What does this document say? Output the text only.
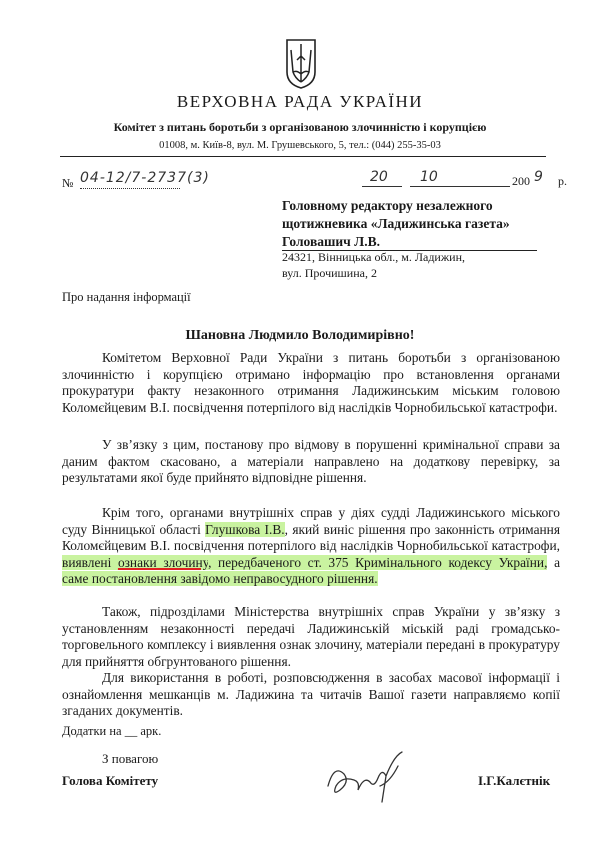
ВЕРХОВНА РАДА УКРАЇНИ
Комітет з питань боротьби з організованою злочинністю і корупцією
01008, м. Київ-8, вул. М. Грушевського, 5, тел.: (044) 255-35-03
№ 04-12/7-2737(3)	20 10	200 9 р.
Головному редактору незалежного
щотижневика «Ладижинська газета»
Головашич Л.В.
24321, Вінницька обл., м. Ладижин,
вул. Прочишина, 2
Про надання інформації
Шановна Людмило Володимирівно!
Комітетом Верховної Ради України з питань боротьби з організованою злочинністю і корупцією отримано інформацію про встановлення органами прокуратури факту незаконного отримання Ладижинським міським головою Коломєйцевим В.І. посвідчення потерпілого від наслідків Чорнобильської катастрофи.
У зв’язку з цим, постанову про відмову в порушенні кримінальної справи за даним фактом скасовано, а матеріали направлено на додаткову перевірку, за результатами якої буде прийнято відповідне рішення.
Крім того, органами внутрішніх справ у діях судді Ладижинського міського суду Вінницької області Глушкова І.В., який виніс рішення про законність отримання Коломєйцевим В.І. посвідчення потерпілого від наслідків Чорнобильської катастрофи, виявлені ознаки злочину, передбаченого ст. 375 Кримінального кодексу України, а саме постановлення завідомо неправосудного рішення.
Також, підрозділами Міністерства внутрішніх справ України у зв’язку з установленням незаконності передачі Ладижинській міській раді громадсько-торговельного комплексу і виявлення ознак злочину, матеріали передані в прокуратуру для прийняття обгрунтованого рішення.
Для використання в роботі, розповсюдження в засобах масової інформації і ознайомлення мешканців м. Ладижина та читачів Вашої газети направляємо копії згаданих документів.
Додатки на __ арк.
З повагою
Голова Комітету	І.Г.Калєтнік
